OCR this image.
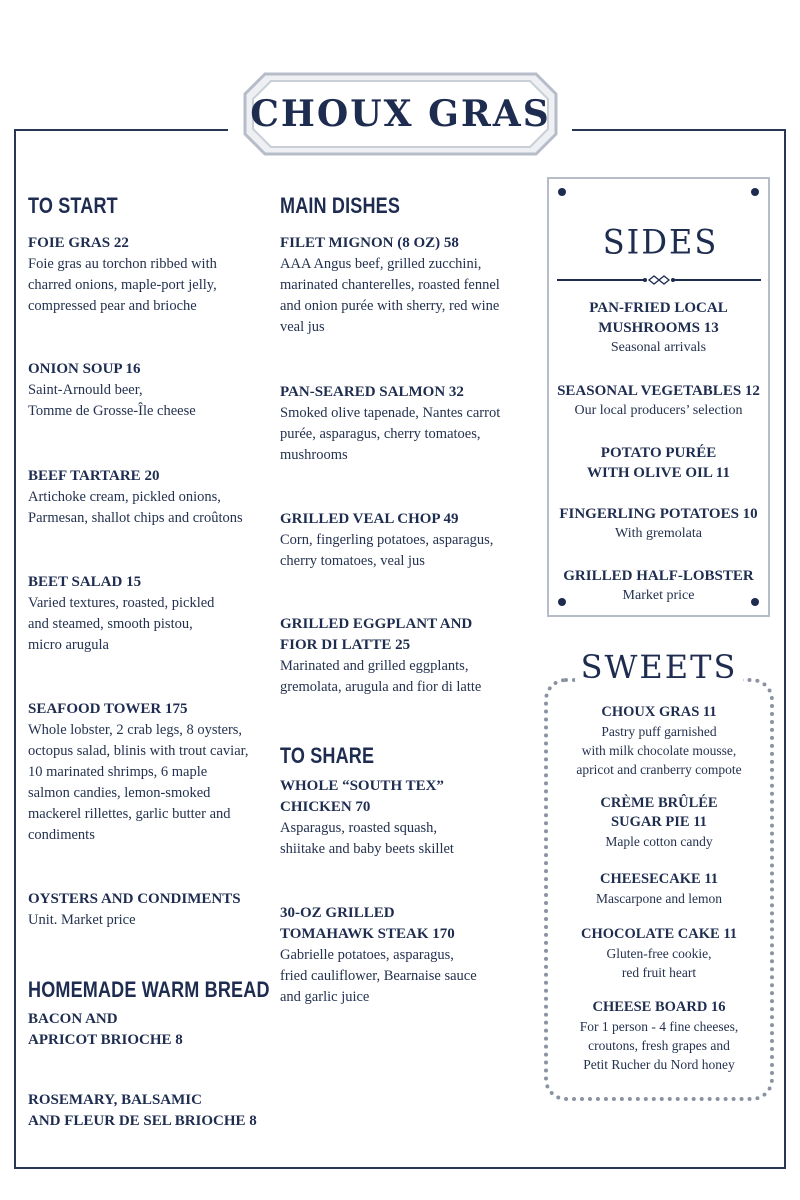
CHOUX GRAS
TO START
FOIE GRAS 22
Foie gras au torchon ribbed with
charred onions, maple-port jelly,
compressed pear and brioche
ONION SOUP 16
Saint-Arnould beer,
Tomme de Grosse-Île cheese
BEEF TARTARE 20
Artichoke cream, pickled onions,
Parmesan, shallot chips and croûtons
BEET SALAD 15
Varied textures, roasted, pickled
and steamed, smooth pistou,
micro arugula
SEAFOOD TOWER 175
Whole lobster, 2 crab legs, 8 oysters,
octopus salad, blinis with trout caviar,
10 marinated shrimps, 6 maple
salmon candies, lemon-smoked
mackerel rillettes, garlic butter and
condiments
OYSTERS AND CONDIMENTS
Unit. Market price
HOMEMADE WARM BREAD
BACON AND
APRICOT BRIOCHE 8
ROSEMARY, BALSAMIC
AND FLEUR DE SEL BRIOCHE 8
MAIN DISHES
FILET MIGNON (8 OZ) 58
AAA Angus beef, grilled zucchini,
marinated chanterelles, roasted fennel
and onion purée with sherry, red wine
veal jus
PAN-SEARED SALMON 32
Smoked olive tapenade, Nantes carrot
purée, asparagus, cherry tomatoes,
mushrooms
GRILLED VEAL CHOP 49
Corn, fingerling potatoes, asparagus,
cherry tomatoes, veal jus
GRILLED EGGPLANT AND
FIOR DI LATTE 25
Marinated and grilled eggplants,
gremolata, arugula and fior di latte
TO SHARE
WHOLE “SOUTH TEX”
CHICKEN 70
Asparagus, roasted squash,
shiitake and baby beets skillet
30-OZ GRILLED
TOMAHAWK STEAK 170
Gabrielle potatoes, asparagus,
fried cauliflower, Bearnaise sauce
and garlic juice
SIDES
PAN-FRIED LOCAL
MUSHROOMS 13
Seasonal arrivals
SEASONAL VEGETABLES 12
Our local producers’ selection
POTATO PURÉE
WITH OLIVE OIL 11
FINGERLING POTATOES 10
With gremolata
GRILLED HALF-LOBSTER
Market price
SWEETS
CHOUX GRAS 11
Pastry puff garnished
with milk chocolate mousse,
apricot and cranberry compote
CRÈME BRÛLÉE
SUGAR PIE 11
Maple cotton candy
CHEESECAKE 11
Mascarpone and lemon
CHOCOLATE CAKE 11
Gluten-free cookie,
red fruit heart
CHEESE BOARD 16
For 1 person - 4 fine cheeses,
croutons, fresh grapes and
Petit Rucher du Nord honey
